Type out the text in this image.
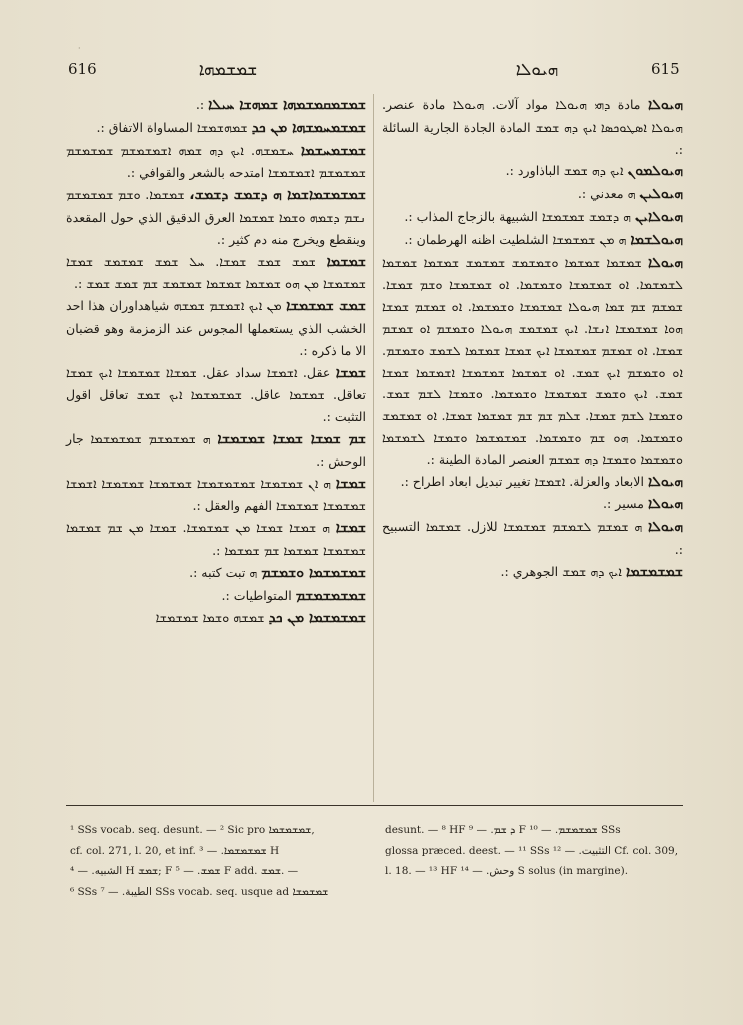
·
616	ܫܡܫܡܗܐ	ܗܝܘܠܐ	615

ܫܡܫܡܩܡܫܡܗܐ ܫܡܗܫܐ ܚܝܠܐ :.

ܫܡܫܡܚܡܫܗܐ ܡܢ ܟܕ ܫܡܗܫܡܫܐ المساواة الاتفاق :.

ܫܡܫܡܚܫܡܐ ܚܫܡܫܗ. ܐܝܟ ܕܗ ܫܡܗ ܐܫܡܫܡܫܡ ܫܡܫܡܫܡ ܫܡܫܡܫܡ ܐܫܡܫܡܫܐ امتدحه بالشعر والقوافي :.

ܫܡܫܡܫܡܐܫܡܐ ܗ ܕܫܡܫ ܕܫܡܫ، ܫܡܫܡܐ. ܘܫܡ ܫܡܫܡܫܡ ܢܫܡ ܕܫܡܗ ܘܫܡܐ ܫܡܫܡܐ العرق الدقيق الذي حول المقعدة وينقطع ويخرج منه دم كثير :.

ܫܡܫܡܐ ܫܡܫ ܫܡܫ ܫܡܫܐ. ܚܠ ܫܡܫ ܫܡܫܡܫ ܫܡܫܐ ܫܡܫܡܫܐ ܡܢ ܗܘ ܫܡܫܡܐ ܫܡܫܡܐ ܫܡܫܡܫ ܫܡ ܫܡܫ ܫܡܫ :.

ܫܡܫ ܫܡܫܡܫܐ ܡܢ ܐܝܟ ܐܫܡܫܡ ܫܡܫܗ شياهداوران هذا احد الخشب الذي يستعملها المجوس عند الزمزمة وهو قضبان الا ما ذكره :.

ܫܡܫܐ عقل. ܐܫܡܫܐ سداد عقل. ܫܡܫܐܐ ܫܡܫܡܫܐ ܐܝܟ ܫܡܫܐ تعاقل. ܫܡܫܡܐ عاقل. ܫܡܫܡܫܡܐ ܐܝܟ ܫܡܫ تعاقل اقول التثبت :.

ܫܡ ܫܡܫܐ ܫܡܫܐ ܫܡܫܡܫܐ ܗ ܫܡܫܡܫܡ ܫܡܫܡܫܡܐ جار الوحش :.

ܫܡܫܐ ܗ ܐܢ ܫܡܫܡܫܐ ܫܡܫܡܫܡܫܐ ܫܡܫܡܫܐ ܫܡܫܡܫܐ ܐܫܡܫܐ ܫܡܫܡܫܐ ܫܡܫܡܫܐ الفهم والعقل :.

ܫܡܫܐ ܗ ܫܡܫܐ ܫܡܫܐ ܡܢ ܫܡܫܡܫܐ. ܫܡܫܐ ܡܢ ܫܡ ܫܡܫܡܐ ܫܡܫܡܫܐ ܫܡܫܡܐ ܫܡ ܫܡܫܡܐ :.

ܫܡܫܡܫܡܐ ܘܫܡܫܡ ܗ تبت كتبه :.

ܫܡܫܡܫܡܫܡ المتواطيات :.

ܫܡܫܡܫܡܐ ܡܢ ܟܕ ܫܡܫܗ ܘܫܡܐ ܫܡܫܡܫܐ

ܗܝܘܠܐ مادة ܕܗܝ ܗܝܘܠܐ مواد آلات. ܗܝܘܠܐ مادة عنصر. ܗܝܘܠܐ ܐܣܛܘܟܣܐ ܐܝܟ ܕܗ ܫܡܫ المادة الجادة الجارية السائلة :.

ܗܝܘܠܡܘܢ ܐܝܟ ܕܗ ܫܡܫ الباذاورد :.

ܗܝܘܠܝܢ ܗ معدني :.

ܗܝܘܠܐܝܢ ܗ ܕܫܡܫ ܫܡܫܡܫܐ الشبيهة بالزجاج المذاب :.

ܗܝܘܠܫܡܐ ܗ ܡܢ ܫܡܫܡܫܐ الشلطيت اظنه الهرطمان :.

ܗܝܘܠܐ ܫܡܫܡܐ ܫܡܫܡܐ ܘܫܡܫܡܫ ܫܡܫܡܫ ܫܡܫܡܐ ܫܡܫܡܐ ܠܫܡܫܡܐ. ܐܘ ܫܡܫܡܫܐ ܘܫܡܫܡܐ. ܐܘ ܫܡܫܡܫܐ ܘܫܡ ܫܡܫܐ. ܫܡܫܡ ܫܡ ܫܡܐ ܗܝܘܠܐ ܫܡܫܡܫܐ ܘܫܡܫܡܐ. ܐܘ ܫܡܫܡ ܫܡܫܐ ܗܘܐ ܫܡܫܡܫܐ ܐܢܫܐ. ܐܝܟ ܫܡܫܡܫ ܗܝܘܠܐ ܘܫܡܫܡ ܐܘ ܫܡܫܡ ܫܡܫܐ. ܐܘ ܫܡܫܡ ܫܡܫܡܫܐ ܐܝܟ ܫܡܫܐ ܫܡܫܡܐ ܠܫܡܫ ܘܫܡܫܡ. ܐܘ ܘܫܡܫܡ ܐܝܟ ܫܡܫ. ܐܘ ܫܡܫܡܐ ܫܡܫܡܫܐ ܐܫܡܫܡܐ ܫܡܫܐ ܫܡܫ. ܐܝܟ ܘܫܡܫ ܫܡܫܡܫܐ ܘܫܡܫܡܐ. ܘܫܡܫܐ ܠܫܡ ܫܡܫ. ܘܫܡܫܐ ܠܫܡ ܫܡܫܐ. ܫܠܡ ܫܡ ܫܡ ܫܡܫܡܐ ܫܡܫܐ. ܐܘ ܫܡܫܡܫ ܘܫܡܫܡܐ. ܗܘ ܫܡ ܘܫܡܫܡܐ. ܫܡܫܡܫܡܐ ܘܫܡܫܐ ܠܫܡܫܡܐ ܘܫܡܫܡܐ ܘܫܡܫܐ ܕܗ ܫܡܫܡ العنصر المادة الطينة :.

ܗܝܘܠܐ الابعاد والعزلة. ܐܫܡܫܐ تغيير تبديل ابعاد اطراح :.

ܗܝܘܠܐ مسير :.

ܗܝܘܠܐ ܗ ܫܡܫܡ ܠܫܡܫܡ ܫܡܫܡܫܐ للازل. ܫܡܫܡܐ التسبيح :.

ܫܡܫܡܫܡܐ ܐܝܟ ܕܗ ܫܡܫ الجوهري :.

¹ SSs vocab. seq. desunt. — ² Sic pro ܫܡܫܡܫܡܐ,

cf. col. 271, l. 20, et inf. ܫܡܫܡܫܡܐ. — ³ H

الشبيه. — ⁴ H ܫܡܫ; F ܫܡܫ. — ⁵ F add. ܫܡܫ. —

⁶ SSs الطيبة. — ⁷ SSs vocab. seq. usque ad ܫܡܫܡܫܐ

desunt. — ⁸ HF ܕ ܫܡ. — ⁹ F ܫܡܫܡܫܡ. — ¹⁰ SSs

glossa præced. deest. — ¹¹ SSs التثبيت. — ¹² Cf. col. 309,

l. 18. — ¹³ HF وحش. — ¹⁴ S solus (in margine).
